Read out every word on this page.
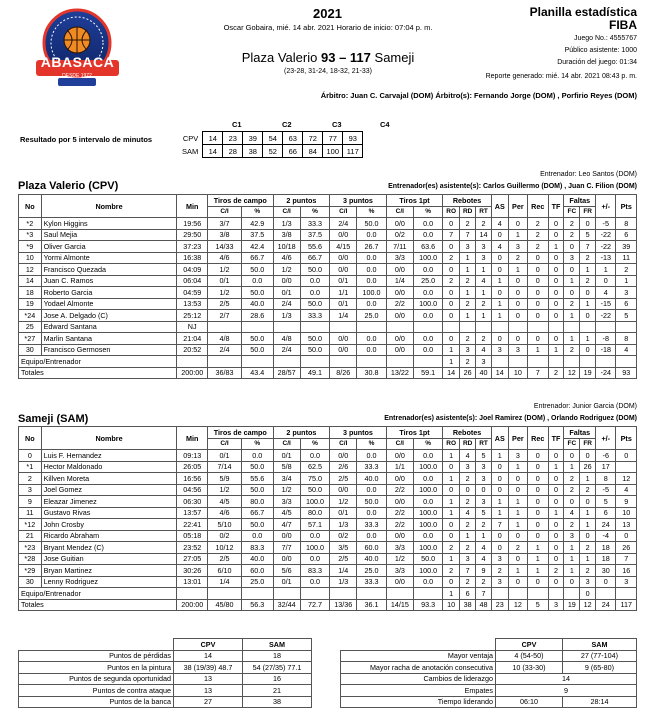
ABASACA
DESDE 1972
2021
Oscar Gobaira, mié. 14 abr. 2021 Horario de inicio: 07:04 p. m.
Plaza Valerio 93 – 117 Sameji
(23-28, 31-24, 18-32, 21-33)
Planilla estadística
FIBA
Juego No.: 4555767
Público asistente: 1000
Duración del juego: 01:34
Reporte generado: mié. 14 abr. 2021 08:43 p. m.
Árbitro: Juan C. Carvajal (DOM) Árbitro(s): Fernando Jorge (DOM) , Porfirio Reyes (DOM)
Resultado por 5 intervalo de minutos
C1	C2	C3	C4
CPV	14	23	39	54	63	72	77	93
SAM	14	28	38	52	66	84	100	117
Entrenador: Leo Santos (DOM)
Plaza Valerio (CPV)	Entrenador(es) asistente(s): Carlos Guillermo (DOM) , Juan C. Filion (DOM)
No	Nombre	Min	Tiros de campo		2 puntos		3 puntos		Tiros 1pt		Rebotes			AS	Per	Rec	TF	Faltas		+/-	Pts
			C/I	%	C/I	%	C/I	%	C/I	%	RO	RD	RT					FC	FR		
*2	Kylon Higgins	19:56	3/7	42.9	1/3	33.3	2/4	50.0	0/0	0.0	0	2	2	4	0	2	0	2	0	-5	8
*3	Saul Mejia	29:50	3/8	37.5	3/8	37.5	0/0	0.0	0/2	0.0	7	7	14	0	1	2	0	2	5	-22	6
*9	Oliver Garcia	37:23	14/33	42.4	10/18	55.6	4/15	26.7	7/11	63.6	0	3	3	4	3	2	1	0	7	-22	39
10	Yormi Almonte	16:38	4/6	66.7	4/6	66.7	0/0	0.0	3/3	100.0	2	1	3	0	2	0	0	3	2	-13	11
12	Francisco Quezada	04:09	1/2	50.0	1/2	50.0	0/0	0.0	0/0	0.0	0	1	1	0	1	0	0	0	1	1	2
14	Juan C. Ramos	06:04	0/1	0.0	0/0	0.0	0/1	0.0	1/4	25.0	2	2	4	1	0	0	0	1	2	0	1
18	Roberto Garcia	04:59	1/2	50.0	0/1	0.0	1/1	100.0	0/0	0.0	0	1	1	0	0	0	0	0	0	4	3
19	Yodael Almonte	13:53	2/5	40.0	2/4	50.0	0/1	0.0	2/2	100.0	0	2	2	1	0	0	0	2	1	-15	6
*24	Jose A. Delgado (C)	25:12	2/7	28.6	1/3	33.3	1/4	25.0	0/0	0.0	0	1	1	1	0	0	0	1	0	-22	5
25	Edward Santana	NJ																			
*27	Marlin Santana	21:04	4/8	50.0	4/8	50.0	0/0	0.0	0/0	0.0	0	2	2	0	0	0	0	1	1	-8	8
30	Francisco Germosen	20:52	2/4	50.0	2/4	50.0	0/0	0.0	0/0	0.0	1	3	4	3	3	1	1	2	0	-18	4
Equipo/Entrenador											1	2	3								
Totales		200:00	36/83	43.4	28/57	49.1	8/26	30.8	13/22	59.1	14	26	40	14	10	7	2	12	19	-24	93
Entrenador: Junior Garcia (DOM)
Sameji (SAM)	Entrenador(es) asistente(s): Joel Ramirez (DOM) , Orlando Rodriguez (DOM)
No	Nombre	Min	Tiros de campo		2 puntos		3 puntos		Tiros 1pt		Rebotes			AS	Per	Rec	TF	Faltas		+/-	Pts
			C/I	%	C/I	%	C/I	%	C/I	%	RO	RD	RT					FC	FR		
0	Luis F. Hernandez	09:13	0/1	0.0	0/1	0.0	0/0	0.0	0/0	0.0	1	4	5	1	3	0	0	0	0	-6	0
*1	Hector Maldonado	26:05	7/14	50.0	5/8	62.5	2/6	33.3	1/1	100.0	0	3	3	0	1	0	1	1	26	17	
2	Killven Moreta	16:56	5/9	55.6	3/4	75.0	2/5	40.0	0/0	0.0	1	2	3	0	0	0	0	2	1	8	12
3	Joel Gomez	04:56	1/2	50.0	1/2	50.0	0/0	0.0	2/2	100.0	0	0	0	0	0	0	0	2	2	-5	4
9	Eleazar Jimenez	06:30	4/5	80.0	3/3	100.0	1/2	50.0	0/0	0.0	1	2	3	1	1	0	0	0	0	5	9
11	Gustavo Rivas	13:57	4/6	66.7	4/5	80.0	0/1	0.0	2/2	100.0	1	4	5	1	1	0	1	4	1	6	10
*12	John Crosby	22:41	5/10	50.0	4/7	57.1	1/3	33.3	2/2	100.0	0	2	2	7	1	0	0	2	1	24	13
21	Ricardo Abraham	05:18	0/2	0.0	0/0	0.0	0/2	0.0	0/0	0.0	0	1	1	0	0	0	0	3	0	-4	0
*23	Bryant Mendez (C)	23:52	10/12	83.3	7/7	100.0	3/5	60.0	3/3	100.0	2	2	4	0	2	1	0	1	2	18	26
*28	Jose Guitian	27:05	2/5	40.0	0/0	0.0	2/5	40.0	1/2	50.0	1	3	4	3	0	1	0	1	1	18	7
*29	Bryan Martinez	30:26	6/10	60.0	5/6	83.3	1/4	25.0	3/3	100.0	2	7	9	2	1	1	2	1	2	30	16
30	Lenny Rodriguez	13:01	1/4	25.0	0/1	0.0	1/3	33.3	0/0	0.0	0	2	2	3	0	0	0	0	3	0	3
Equipo/Entrenador											1	6	7						0		
Totales		200:00	45/80	56.3	32/44	72.7	13/36	36.1	14/15	93.3	10	38	48	23	12	5	3	19	12	24	117
	CPV	SAM
Puntos de pérdidas	14	18
Puntos en la pintura	38 (19/39) 48.7	54 (27/35) 77.1
Puntos de segunda oportunidad	13	16
Puntos de contra ataque	13	21
Puntos de la banca	27	38
	CPV	SAM
Mayor ventaja	4 (54-50)	27 (77-104)
Mayor racha de anotación consecutiva	10 (33-30)	9 (65-80)
Cambios de liderazgo	14	
Empates	9	
Tiempo liderando	06:10	28:14
